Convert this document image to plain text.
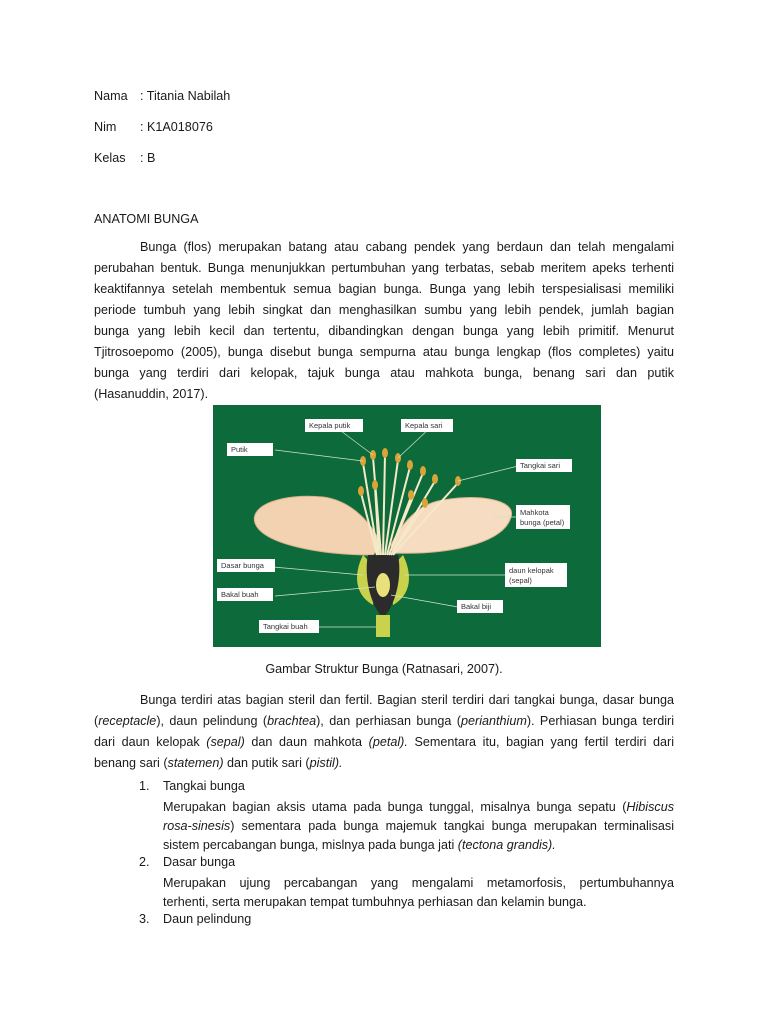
Nama : Titania Nabilah
Nim	: K1A018076
Kelas	: B
ANATOMI BUNGA
Bunga (flos) merupakan batang atau cabang pendek yang berdaun dan telah mengalami
perubahan bentuk. Bunga menunjukkan pertumbuhan yang terbatas, sebab meritem apeks terhenti
keaktifannya setelah membentuk semua bagian bunga. Bunga yang lebih terspesialisasi memiliki
periode tumbuh yang lebih singkat dan menghasilkan sumbu yang lebih pendek, jumlah bagian
bunga yang lebih kecil dan tertentu, dibandingkan dengan bunga yang lebih primitif. Menurut
Tjitrosoepomo (2005), bunga disebut bunga sempurna atau bunga lengkap (flos completes) yaitu
bunga yang terdiri dari kelopak, tajuk bunga atau mahkota bunga, benang sari dan putik
(Hasanuddin, 2017).
Kepala putik	Kepala sari
Putik
Tangkai sari
Mahkota
bunga (petal)
Dasar bunga
daun kelopak
(sepal)
Bakal buah
Bakal biji
Tangkai buah
Gambar Struktur Bunga (Ratnasari, 2007).
Bunga terdiri atas bagian steril dan fertil. Bagian steril terdiri dari tangkai bunga, dasar bunga
(receptacle), daun pelindung (brachtea), dan perhiasan bunga (perianthium). Perhiasan bunga terdiri
dari daun kelopak (sepal) dan daun mahkota (petal). Sementara itu, bagian yang fertil terdiri dari
benang sari (statemen) dan putik sari (pistil).
1.	Tangkai bunga
Merupakan bagian aksis utama pada bunga tunggal, misalnya bunga sepatu (Hibiscus
rosa-sinesis) sementara pada bunga majemuk tangkai bunga merupakan terminalisasi
sistem percabangan bunga, mislnya pada bunga jati (tectona grandis).
2.	Dasar bunga
Merupakan ujung percabangan yang mengalami metamorfosis, pertumbuhannya
terhenti, serta merupakan tempat tumbuhnya perhiasan dan kelamin bunga.
3.	Daun pelindung
